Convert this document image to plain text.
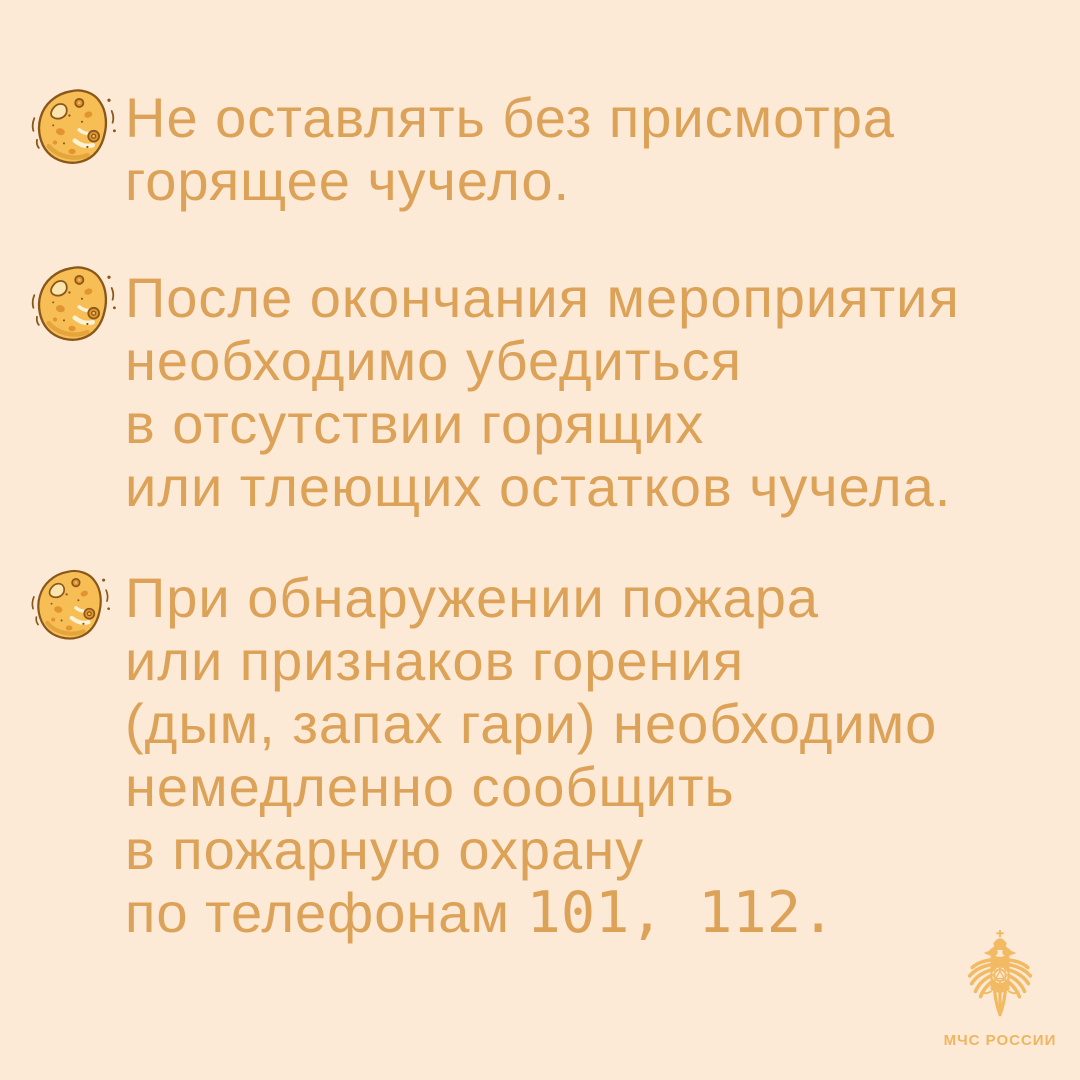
Не оставлять без присмотра
горящее чучело.
После окончания мероприятия
необходимо убедиться
в отсутствии горящих
или тлеющих остатков чучела.
При обнаружении пожара
или признаков горения
(дым, запах гари) необходимо
немедленно сообщить
в пожарную охрану
по телефонам 101, 112.
МЧС РОССИИ
